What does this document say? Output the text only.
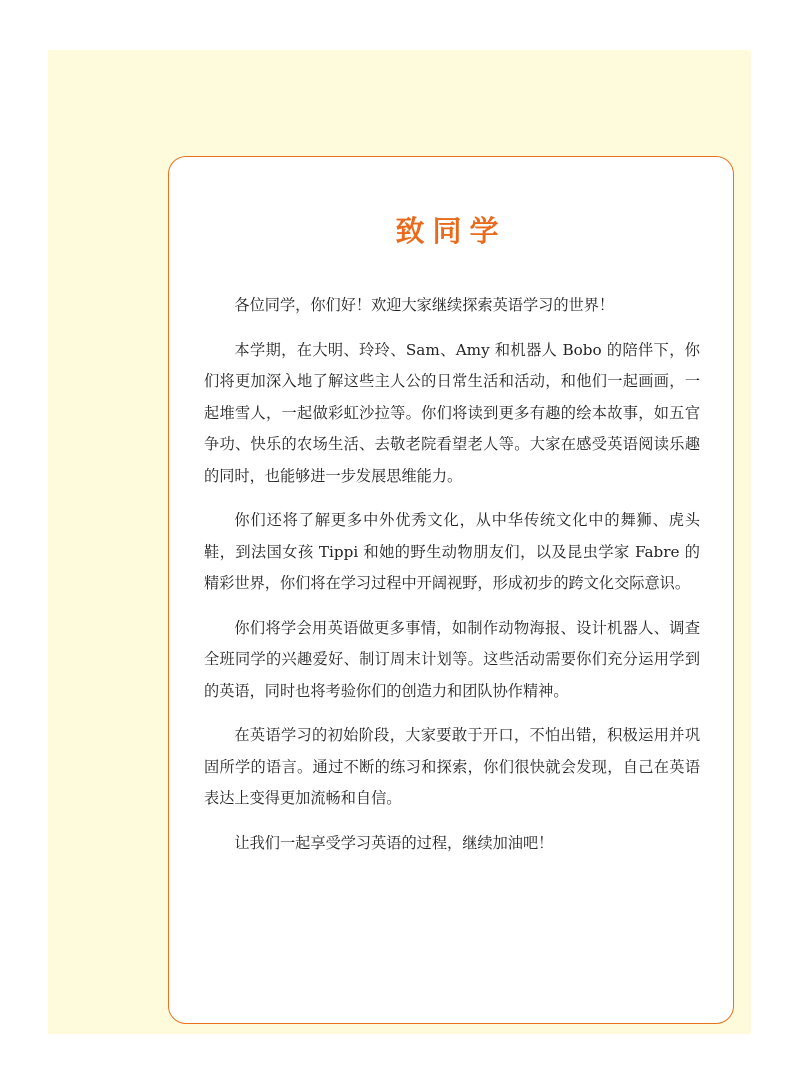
致同学

各位同学，你们好！欢迎大家继续探索英语学习的世界！

本学期，在大明、玲玲、Sam、Amy 和机器人 Bobo 的陪伴下，你们将更加深入地了解这些主人公的日常生活和活动，和他们一起画画，一起堆雪人，一起做彩虹沙拉等。你们将读到更多有趣的绘本故事，如五官争功、快乐的农场生活、去敬老院看望老人等。大家在感受英语阅读乐趣的同时，也能够进一步发展思维能力。

你们还将了解更多中外优秀文化，从中华传统文化中的舞狮、虎头鞋，到法国女孩 Tippi 和她的野生动物朋友们，以及昆虫学家 Fabre 的精彩世界，你们将在学习过程中开阔视野，形成初步的跨文化交际意识。

你们将学会用英语做更多事情，如制作动物海报、设计机器人、调查全班同学的兴趣爱好、制订周末计划等。这些活动需要你们充分运用学到的英语，同时也将考验你们的创造力和团队协作精神。

在英语学习的初始阶段，大家要敢于开口，不怕出错，积极运用并巩固所学的语言。通过不断的练习和探索，你们很快就会发现，自己在英语表达上变得更加流畅和自信。

让我们一起享受学习英语的过程，继续加油吧！
